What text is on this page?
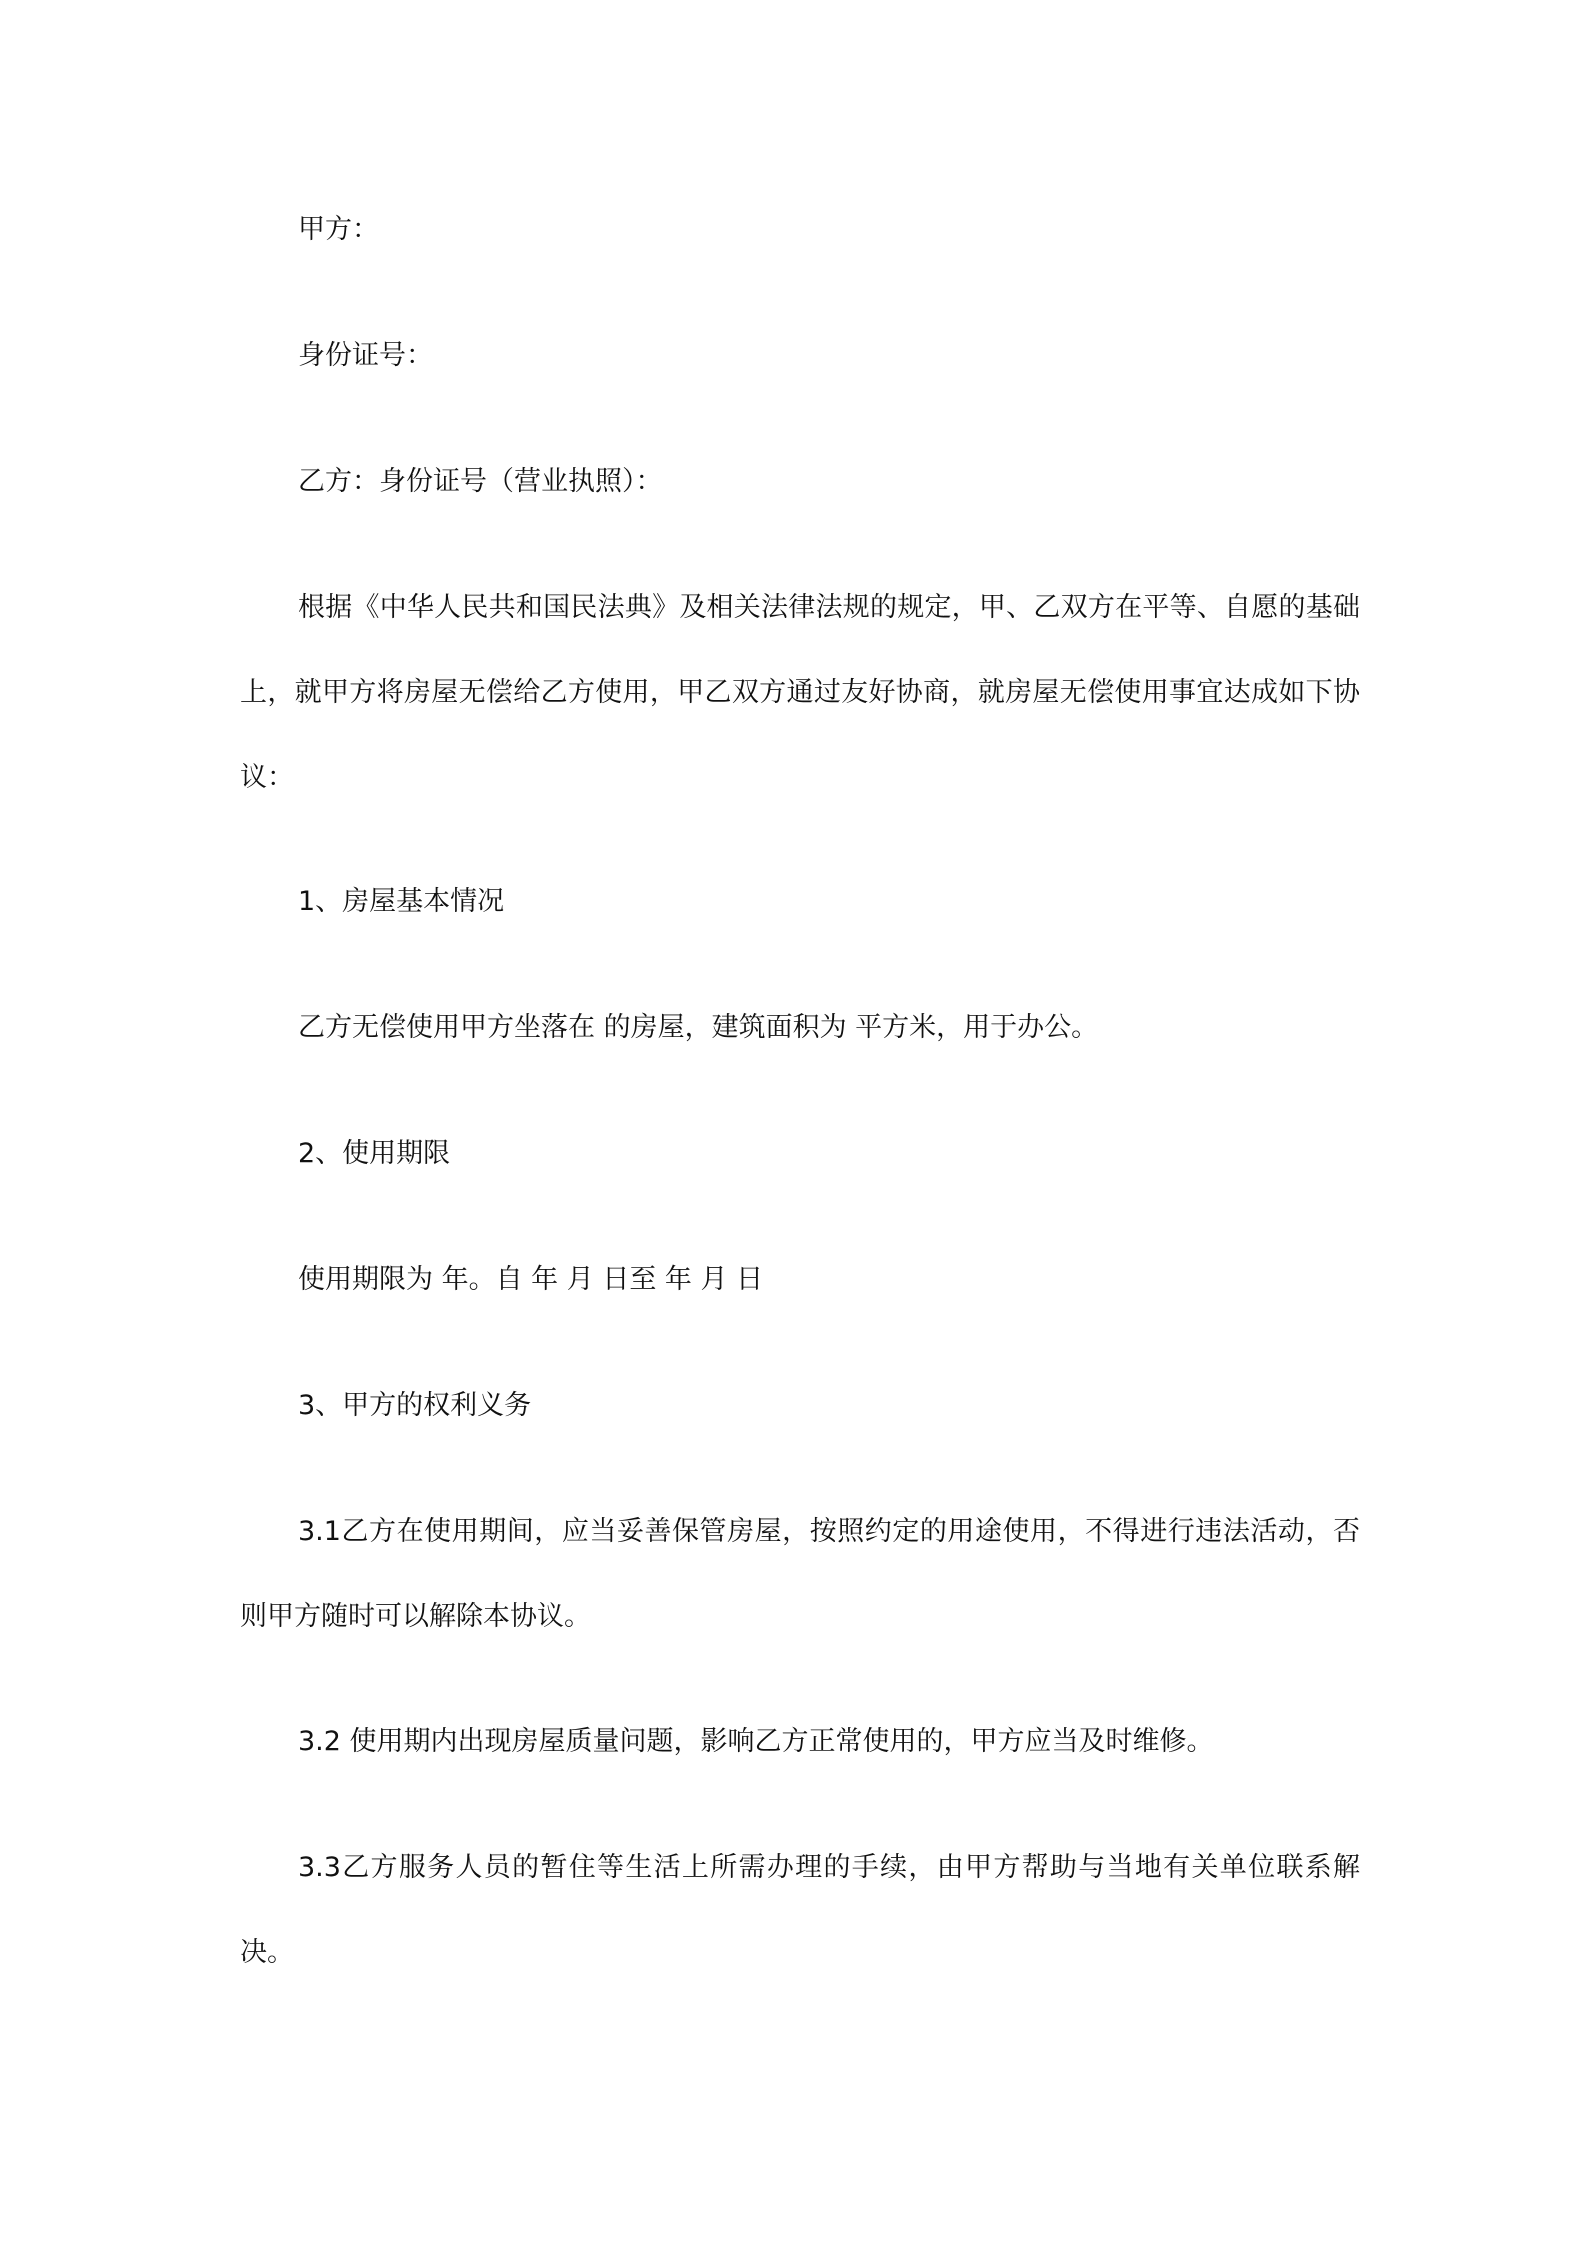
甲方：

身份证号：

乙方：身份证号（营业执照）：

根据《中华人民共和国民法典》及相关法律法规的规定，甲、乙双方在平等、自愿的基础上，就甲方将房屋无偿给乙方使用，甲乙双方通过友好协商，就房屋无偿使用事宜达成如下协议：

1、房屋基本情况

乙方无偿使用甲方坐落在 的房屋，建筑面积为 平方米，用于办公。

2、使用期限

使用期限为 年。自 年 月 日至 年 月 日

3、甲方的权利义务

3.1乙方在使用期间，应当妥善保管房屋，按照约定的用途使用，不得进行违法活动，否则甲方随时可以解除本协议。

3.2 使用期内出现房屋质量问题，影响乙方正常使用的，甲方应当及时维修。

3.3乙方服务人员的暂住等生活上所需办理的手续，由甲方帮助与当地有关单位联系解决。
